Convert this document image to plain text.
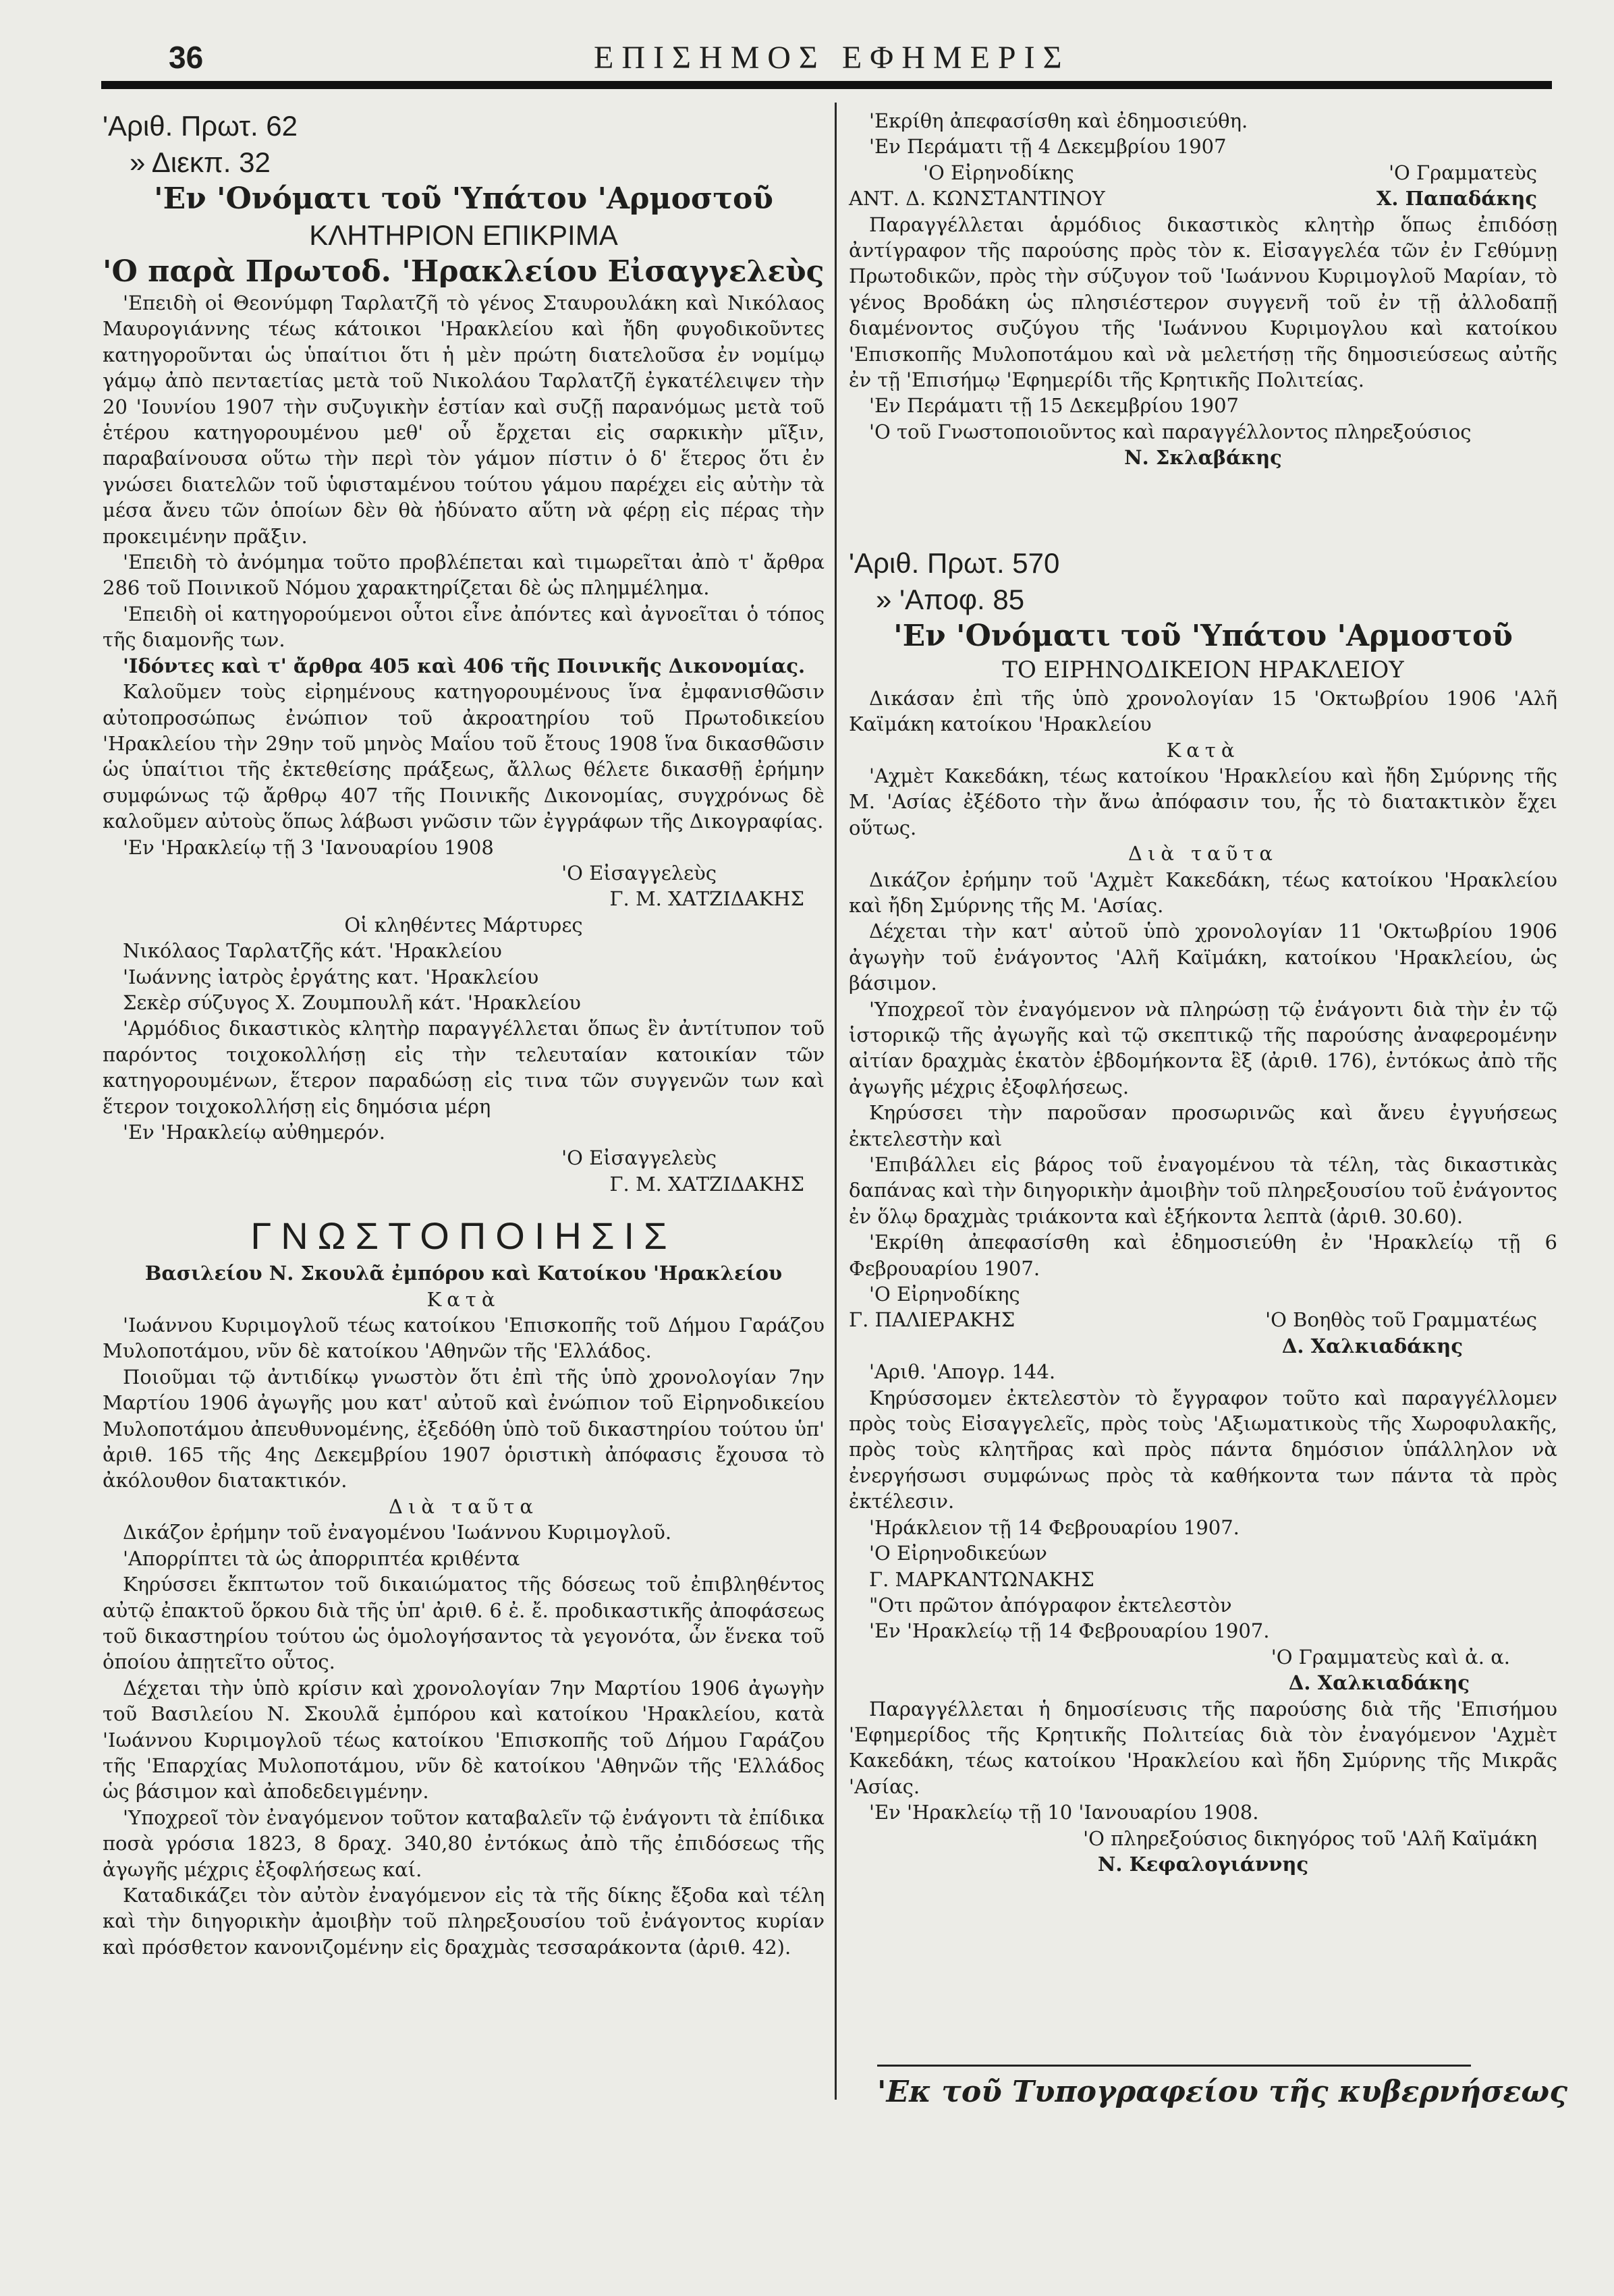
36	ΕΠΙΣΗΜΟΣ ΕΦΗΜΕΡΙΣ

'Αριθ. Πρωτ. 62

» Διεκπ. 32

'Εν 'Ονόματι τοῦ 'Υπάτου 'Αρμοστοῦ

ΚΛΗΤΗΡΙΟΝ ΕΠΙΚΡΙΜΑ

'Ο παρὰ Πρωτοδ. 'Ηρακλείου Εἰσαγγελεὺς

'Επειδὴ οἱ Θεονύμφη Ταρλατζῆ τὸ γένος Σταυρουλάκη καὶ Νικόλαος Μαυρογιάννης τέως κάτοικοι 'Ηρακλείου καὶ ἤδη φυγοδικοῦντες κατηγοροῦνται ὡς ὑπαίτιοι ὅτι ἡ μὲν πρώτη διατελοῦσα ἐν νομίμῳ γάμῳ ἀπὸ πενταετίας μετὰ τοῦ Νικολάου Ταρλατζῆ ἐγκατέλειψεν τὴν 20 'Ιουνίου 1907 τὴν συζυγικὴν ἑστίαν καὶ συζῇ παρανόμως μετὰ τοῦ ἑτέρου κατηγορουμένου μεθ' οὗ ἔρχεται εἰς σαρκικὴν μῖξιν, παραβαίνουσα οὕτω τὴν περὶ τὸν γάμον πίστιν ὁ δ' ἕτερος ὅτι ἐν γνώσει διατελῶν τοῦ ὑφισταμένου τούτου γάμου παρέχει εἰς αὐτὴν τὰ μέσα ἄνευ τῶν ὁποίων δὲν θὰ ἠδύνατο αὕτη νὰ φέρῃ εἰς πέρας τὴν προκειμένην πρᾶξιν.

'Επειδὴ τὸ ἀνόμημα τοῦτο προβλέπεται καὶ τιμωρεῖται ἀπὸ τ' ἄρθρα 286 τοῦ Ποινικοῦ Νόμου χαρακτηρίζεται δὲ ὡς πλημμέλημα.

'Επειδὴ οἱ κατηγορούμενοι οὗτοι εἶνε ἀπόντες καὶ ἀγνοεῖται ὁ τόπος τῆς διαμονῆς των.

'Ιδόντες καὶ τ' ἄρθρα 405 καὶ 406 τῆς Ποινικῆς Δικονομίας.

Καλοῦμεν τοὺς εἰρημένους κατηγορουμένους ἵνα ἐμφανισθῶσιν αὐτοπροσώπως ἐνώπιον τοῦ ἀκροατηρίου τοῦ Πρωτοδικείου 'Ηρακλείου τὴν 29ην τοῦ μηνὸς Μαΐου τοῦ ἔτους 1908 ἵνα δικασθῶσιν ὡς ὑπαίτιοι τῆς ἐκτεθείσης πράξεως, ἄλλως θέλετε δικασθῇ ἐρήμην συμφώνως τῷ ἄρθρῳ 407 τῆς Ποινικῆς Δικονομίας, συγχρόνως δὲ καλοῦμεν αὐτοὺς ὅπως λάβωσι γνῶσιν τῶν ἐγγράφων τῆς Δικογραφίας.

'Εν 'Ηρακλείῳ τῇ 3 'Ιανουαρίου 1908

'Ο Εἰσαγγελεὺς

Γ. Μ. ΧΑΤΖΙΔΑΚΗΣ

Οἱ κληθέντες Μάρτυρες

Νικόλαος Ταρλατζῆς κάτ. 'Ηρακλείου

'Ιωάννης ἰατρὸς ἐργάτης κατ. 'Ηρακλείου

Σεκὲρ σύζυγος Χ. Ζουμπουλῆ κάτ. 'Ηρακλείου

'Αρμόδιος δικαστικὸς κλητὴρ παραγγέλλεται ὅπως ἓν ἀντίτυπον τοῦ παρόντος τοιχοκολλήσῃ εἰς τὴν τελευταίαν κατοικίαν τῶν κατηγορουμένων, ἕτερον παραδώσῃ εἰς τινα τῶν συγγενῶν των καὶ ἕτερον τοιχοκολλήσῃ εἰς δημόσια μέρη

'Εν 'Ηρακλείῳ αὐθημερόν.

'Ο Εἰσαγγελεὺς

Γ. Μ. ΧΑΤΖΙΔΑΚΗΣ

ΓΝΩΣΤΟΠΟΙΗΣΙΣ

Βασιλείου Ν. Σκουλᾶ ἐμπόρου καὶ Κατοίκου 'Ηρακλείου

Κατὰ

'Ιωάννου Κυριμογλοῦ τέως κατοίκου 'Επισκοπῆς τοῦ Δήμου Γαράζου Μυλοποτάμου, νῦν δὲ κατοίκου 'Αθηνῶν τῆς 'Ελλάδος.

Ποιοῦμαι τῷ ἀντιδίκῳ γνωστὸν ὅτι ἐπὶ τῆς ὑπὸ χρονολογίαν 7ην Μαρτίου 1906 ἀγωγῆς μου κατ' αὐτοῦ καὶ ἐνώπιον τοῦ Εἰρηνοδικείου Μυλοποτάμου ἀπευθυνομένης, ἐξεδόθη ὑπὸ τοῦ δικαστηρίου τούτου ὑπ' ἀριθ. 165 τῆς 4ης Δεκεμβρίου 1907 ὁριστικὴ ἀπόφασις ἔχουσα τὸ ἀκόλουθον διατακτικόν.

Διὰ ταῦτα

Δικάζον ἐρήμην τοῦ ἐναγομένου 'Ιωάννου Κυριμογλοῦ.

'Απορρίπτει τὰ ὡς ἀπορριπτέα κριθέντα

Κηρύσσει ἔκπτωτον τοῦ δικαιώματος τῆς δόσεως τοῦ ἐπιβληθέντος αὐτῷ ἐπακτοῦ ὅρκου διὰ τῆς ὑπ' ἀριθ. 6 ἐ. ἔ. προδικαστικῆς ἀποφάσεως τοῦ δικαστηρίου τούτου ὡς ὁμολογήσαντος τὰ γεγονότα, ὧν ἕνεκα τοῦ ὁποίου ἀπῃτεῖτο οὗτος.

Δέχεται τὴν ὑπὸ κρίσιν καὶ χρονολογίαν 7ην Μαρτίου 1906 ἀγωγὴν τοῦ Βασιλείου Ν. Σκουλᾶ ἐμπόρου καὶ κατοίκου 'Ηρακλείου, κατὰ 'Ιωάννου Κυριμογλοῦ τέως κατοίκου 'Επισκοπῆς τοῦ Δήμου Γαράζου τῆς 'Επαρχίας Μυλοποτάμου, νῦν δὲ κατοίκου 'Αθηνῶν τῆς 'Ελλάδος ὡς βάσιμον καὶ ἀποδεδειγμένην.

'Υποχρεοῖ τὸν ἐναγόμενον τοῦτον καταβαλεῖν τῷ ἐνάγοντι τὰ ἐπίδικα ποσὰ γρόσια 1823, 8 δραχ. 340,80 ἐντόκως ἀπὸ τῆς ἐπιδόσεως τῆς ἀγωγῆς μέχρις ἐξοφλήσεως καί.

Καταδικάζει τὸν αὐτὸν ἐναγόμενον εἰς τὰ τῆς δίκης ἔξοδα καὶ τέλη καὶ τὴν διηγορικὴν ἀμοιβὴν τοῦ πληρεξουσίου τοῦ ἐνάγοντος κυρίαν καὶ πρόσθετον κανονιζομένην εἰς δραχμὰς τεσσαράκοντα (ἀριθ. 42).

'Εκρίθη ἀπεφασίσθη καὶ ἐδημοσιεύθη.

'Εν Περάματι τῇ 4 Δεκεμβρίου 1907

'Ο Εἰρηνοδίκης	'Ο Γραμματεὺς

ΑΝΤ. Δ. ΚΩΝΣΤΑΝΤΙΝΟΥ	Χ. Παπαδάκης

Παραγγέλλεται ἁρμόδιος δικαστικὸς κλητὴρ ὅπως ἐπιδόσῃ ἀντίγραφον τῆς παρούσης πρὸς τὸν κ. Εἰσαγγελέα τῶν ἐν Γεθύμνῃ Πρωτοδικῶν, πρὸς τὴν σύζυγον τοῦ 'Ιωάννου Κυριμογλοῦ Μαρίαν, τὸ γένος Βροδάκη ὡς πλησιέστερον συγγενῆ τοῦ ἐν τῇ ἀλλοδαπῇ διαμένοντος συζύγου τῆς 'Ιωάννου Κυριμογλου καὶ κατοίκου 'Επισκοπῆς Μυλοποτάμου καὶ νὰ μελετήσῃ τῆς δημοσιεύσεως αὐτῆς ἐν τῇ 'Επισήμῳ 'Εφημερίδι τῆς Κρητικῆς Πολιτείας.

'Εν Περάματι τῇ 15 Δεκεμβρίου 1907

'Ο τοῦ Γνωστοποιοῦντος καὶ παραγγέλλοντος πληρεξούσιος

Ν. Σκλαβάκης

'Αριθ. Πρωτ. 570

» 'Αποφ. 85

'Εν 'Ονόματι τοῦ 'Υπάτου 'Αρμοστοῦ

ΤΟ ΕΙΡΗΝΟΔΙΚΕΙΟΝ ΗΡΑΚΛΕΙΟΥ

Δικάσαν ἐπὶ τῆς ὑπὸ χρονολογίαν 15 'Οκτωβρίου 1906 'Αλῆ Καϊμάκη κατοίκου 'Ηρακλείου

Κατὰ

'Αχμὲτ Κακεδάκη, τέως κατοίκου 'Ηρακλείου καὶ ἤδη Σμύρνης τῆς Μ. 'Ασίας ἐξέδοτο τὴν ἄνω ἀπόφασιν του, ἧς τὸ διατακτικὸν ἔχει οὕτως.

Διὰ ταῦτα

Δικάζον ἐρήμην τοῦ 'Αχμὲτ Κακεδάκη, τέως κατοίκου 'Ηρακλείου καὶ ἤδη Σμύρνης τῆς Μ. 'Ασίας.

Δέχεται τὴν κατ' αὐτοῦ ὑπὸ χρονολογίαν 11 'Οκτωβρίου 1906 ἀγωγὴν τοῦ ἐνάγοντος 'Αλῆ Καϊμάκη, κατοίκου 'Ηρακλείου, ὡς βάσιμον.

'Υποχρεοῖ τὸν ἐναγόμενον νὰ πληρώσῃ τῷ ἐνάγοντι διὰ τὴν ἐν τῷ ἱστορικῷ τῆς ἀγωγῆς καὶ τῷ σκεπτικῷ τῆς παρούσης ἀναφερομένην αἰτίαν δραχμὰς ἑκατὸν ἑβδομήκοντα ἓξ (ἀριθ. 176), ἐντόκως ἀπὸ τῆς ἀγωγῆς μέχρις ἐξοφλήσεως.

Κηρύσσει τὴν παροῦσαν προσωρινῶς καὶ ἄνευ ἐγγυήσεως ἐκτελεστὴν καὶ

'Επιβάλλει εἰς βάρος τοῦ ἐναγομένου τὰ τέλη, τὰς δικαστικὰς δαπάνας καὶ τὴν διηγορικὴν ἀμοιβὴν τοῦ πληρεξουσίου τοῦ ἐνάγοντος ἐν ὅλῳ δραχμὰς τριάκοντα καὶ ἑξήκοντα λεπτὰ (ἀριθ. 30.60).

'Εκρίθη ἀπεφασίσθη καὶ ἐδημοσιεύθη ἐν 'Ηρακλείῳ τῇ 6 Φεβρουαρίου 1907.

'Ο Εἰρηνοδίκης

Γ. ΠΑΛΙΕΡΑΚΗΣ	'Ο Βοηθὸς τοῦ Γραμματέως

Δ. Χαλκιαδάκης

'Αριθ. 'Απογρ. 144.

Κηρύσσομεν ἐκτελεστὸν τὸ ἔγγραφον τοῦτο καὶ παραγγέλλομεν πρὸς τοὺς Εἰσαγγελεῖς, πρὸς τοὺς 'Αξιωματικοὺς τῆς Χωροφυλακῆς, πρὸς τοὺς κλητῆρας καὶ πρὸς πάντα δημόσιον ὑπάλληλον νὰ ἐνεργήσωσι συμφώνως πρὸς τὰ καθήκοντα των πάντα τὰ πρὸς ἐκτέλεσιν.

'Ηράκλειον τῇ 14 Φεβρουαρίου 1907.

'Ο Εἰρηνοδικεύων

Γ. ΜΑΡΚΑΝΤΩΝΑΚΗΣ

"Οτι πρῶτον ἀπόγραφον ἐκτελεστὸν

'Εν 'Ηρακλείῳ τῇ 14 Φεβρουαρίου 1907.

'Ο Γραμματεὺς καὶ ἀ. α.

Δ. Χαλκιαδάκης

Παραγγέλλεται ἡ δημοσίευσις τῆς παρούσης διὰ τῆς 'Επισήμου 'Εφημερίδος τῆς Κρητικῆς Πολιτείας διὰ τὸν ἐναγόμενον 'Αχμὲτ Κακεδάκη, τέως κατοίκου 'Ηρακλείου καὶ ἤδη Σμύρνης τῆς Μικρᾶς 'Ασίας.

'Εν 'Ηρακλείῳ τῇ 10 'Ιανουαρίου 1908.

'Ο πληρεξούσιος δικηγόρος τοῦ 'Αλῆ Καϊμάκη

Ν. Κεφαλογιάννης

'Εκ τοῦ Τυπογραφείου τῆς κυβερνήσεως
